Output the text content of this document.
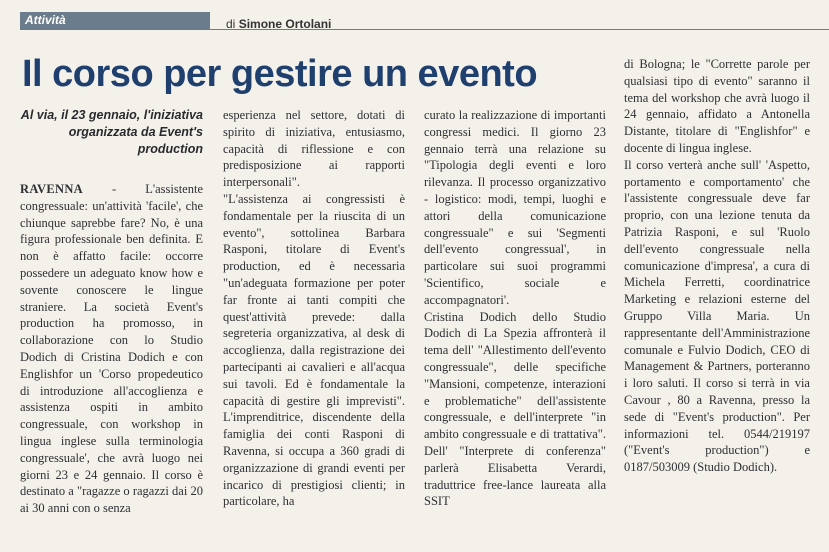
Attività	di Simone Ortolani
Il corso per gestire un evento
Al via, il 23 gennaio, l'iniziativa organizzata da Event's production

RAVENNA - L'assistente congressuale: un'attività 'facile', che chiunque saprebbe fare? No, è una figura professionale ben definita. E non è affatto facile: occorre possedere un adeguato know how e sovente conoscere le lingue straniere. La società Event's production ha promosso, in collaborazione con lo Studio Dodich di Cristina Dodich e con Englishfor un 'Corso propedeutico di introduzione all'accoglienza e assistenza ospiti in ambito congressuale, con workshop in lingua inglese sulla terminologia congressuale', che avrà luogo nei giorni 23 e 24 gennaio. Il corso è destinato a "ragazze o ragazzi dai 20 ai 30 anni con o senza

esperienza nel settore, dotati di spirito di iniziativa, entusiasmo, capacità di riflessione e con predisposizione ai rapporti interpersonali".

"L'assistenza ai congressisti è fondamentale per la riuscita di un evento", sottolinea Barbara Rasponi, titolare di Event's production, ed è necessaria "un'adeguata formazione per poter far fronte ai tanti compiti che quest'attività prevede: dalla segreteria organizzativa, al desk di accoglienza, dalla registrazione dei partecipanti ai cavalieri e all'acqua sui tavoli. Ed è fondamentale la capacità di gestire gli imprevisti". L'imprenditrice, discendente della famiglia dei conti Rasponi di Ravenna, si occupa a 360 gradi di organizzazione di grandi eventi per incarico di prestigiosi clienti; in particolare, ha

curato la realizzazione di importanti congressi medici. Il giorno 23 gennaio terrà una relazione su "Tipologia degli eventi e loro rilevanza. Il processo organizzativo - logistico: modi, tempi, luoghi e attori della comunicazione congressuale" e sui 'Segmenti dell'evento congressual', in particolare sui suoi programmi 'Scientifico, sociale e accompagnatori'.

Cristina Dodich dello Studio Dodich di La Spezia affronterà il tema dell' "Allestimento dell'evento congressuale", delle specifiche "Mansioni, competenze, interazioni e problematiche" dell'assistente congressuale, e dell'interprete "in ambito congressuale e di trattativa". Dell' "Interprete di conferenza" parlerà Elisabetta Verardi, traduttrice free-lance laureata alla SSIT

di Bologna; le "Corrette parole per qualsiasi tipo di evento" saranno il tema del workshop che avrà luogo il 24 gennaio, affidato a Antonella Distante, titolare di "Englishfor" e docente di lingua inglese.

Il corso verterà anche sull' 'Aspetto, portamento e comportamento' che l'assistente congressuale deve far proprio, con una lezione tenuta da Patrizia Rasponi, e sul 'Ruolo dell'evento congressuale nella comunicazione d'impresa', a cura di Michela Ferretti, coordinatrice Marketing e relazioni esterne del Gruppo Villa Maria. Un rappresentante dell'Amministrazione comunale e Fulvio Dodich, CEO di Management & Partners, porteranno i loro saluti. Il corso si terrà in via Cavour , 80 a Ravenna, presso la sede di "Event's production". Per informazioni tel. 0544/219197 ("Event's production") e 0187/503009 (Studio Dodich).
